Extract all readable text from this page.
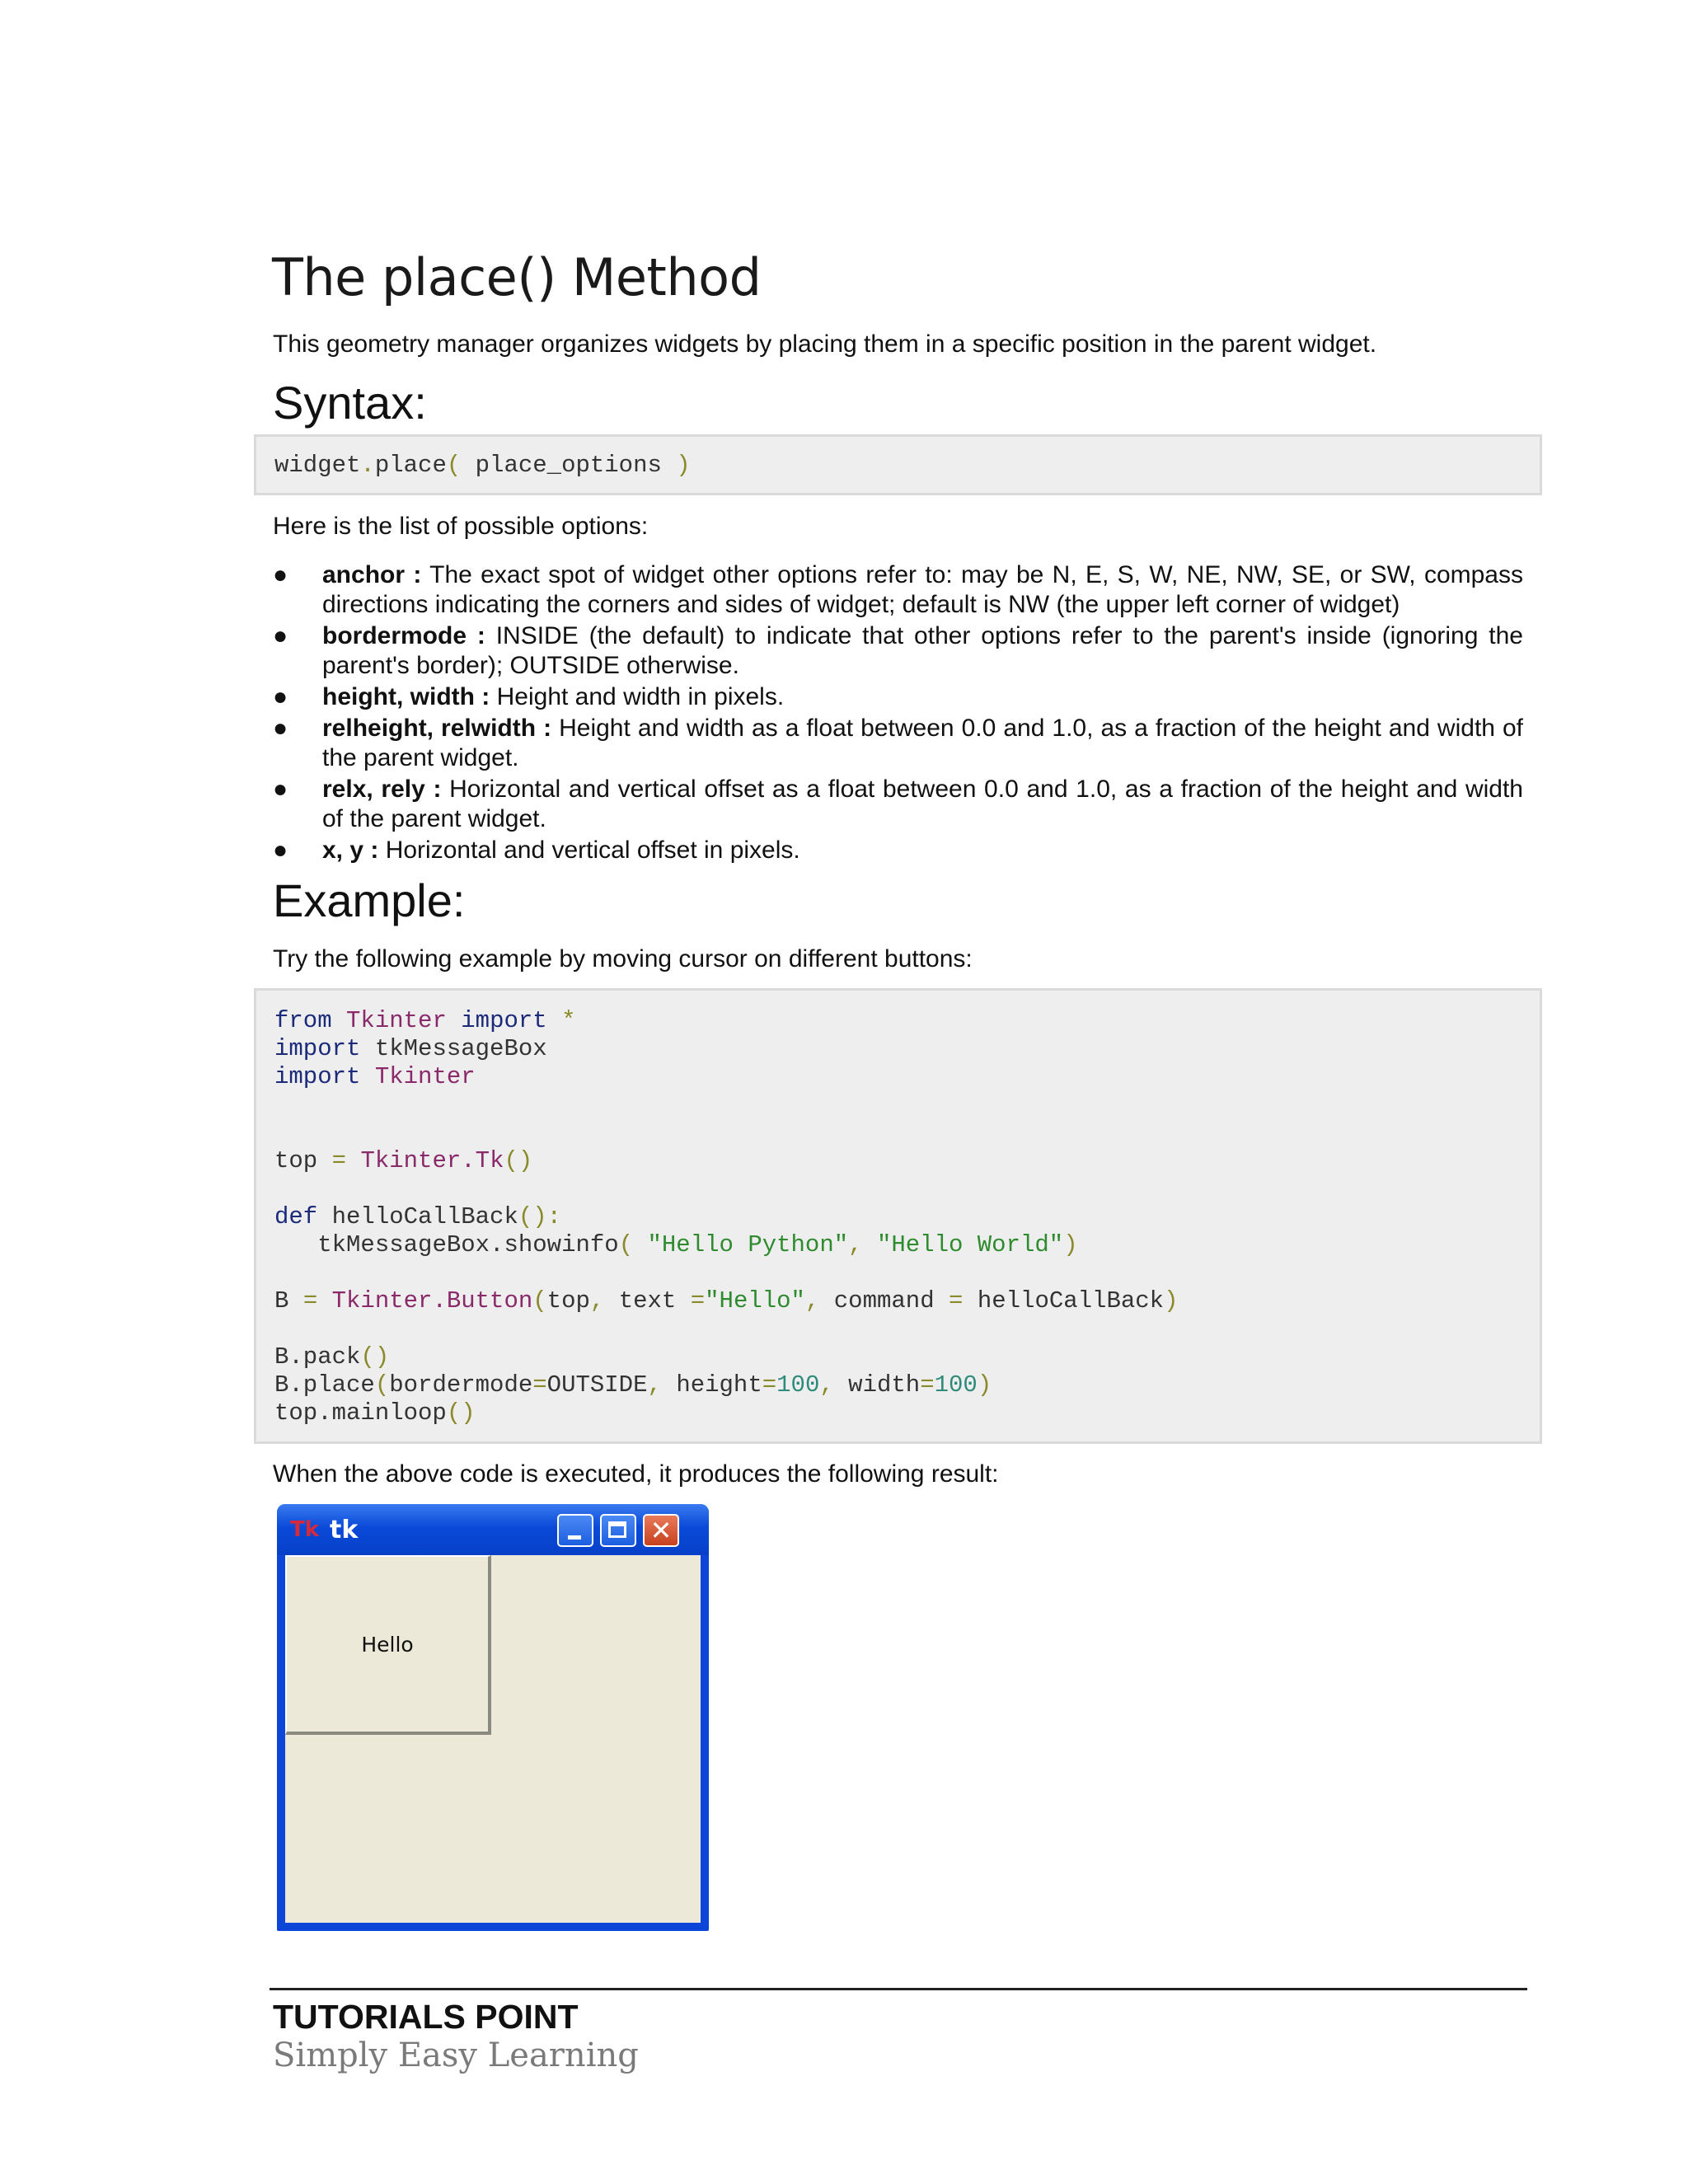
The place() Method
This geometry manager organizes widgets by placing them in a specific position in the parent widget.
Syntax:
widget.place( place_options )
Here is the list of possible options:
● anchor : The exact spot of widget other options refer to: may be N, E, S, W, NE, NW, SE, or SW, compass directions indicating the corners and sides of widget; default is NW (the upper left corner of widget)
● bordermode : INSIDE (the default) to indicate that other options refer to the parent's inside (ignoring the parent's border); OUTSIDE otherwise.
● height, width : Height and width in pixels.
● relheight, relwidth : Height and width as a float between 0.0 and 1.0, as a fraction of the height and width of the parent widget.
● relx, rely : Horizontal and vertical offset as a float between 0.0 and 1.0, as a fraction of the height and width of the parent widget.
● x, y : Horizontal and vertical offset in pixels.
Example:
Try the following example by moving cursor on different buttons:
from Tkinter import *
import tkMessageBox
import Tkinter

top = Tkinter.Tk()

def helloCallBack():
tkMessageBox.showinfo( "Hello Python", "Hello World")

B = Tkinter.Button(top, text ="Hello", command = helloCallBack)

B.pack()
B.place(bordermode=OUTSIDE, height=100, width=100)
top.mainloop()
When the above code is executed, it produces the following result:
Tk tk	✕
Hello
TUTORIALS POINT
Simply Easy Learning
